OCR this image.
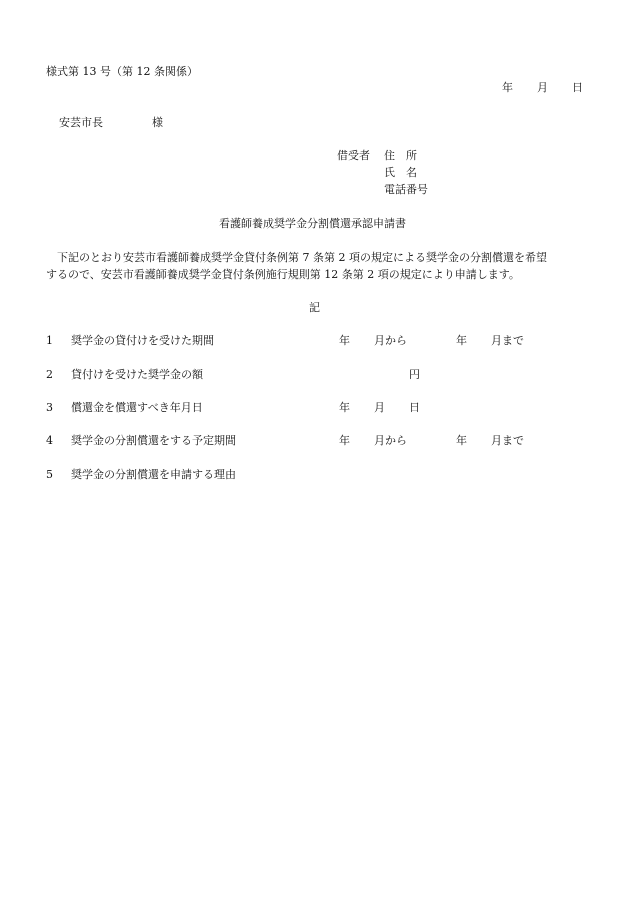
様式第 13 号（第 12 条関係）
年 月 日
安芸市長	様
借受者 住　所
氏　名
電話番号
看護師養成奨学金分割償還承認申請書
　下記のとおり安芸市看護師養成奨学金貸付条例第 7 条第 2 項の規定による奨学金の分割償還を希望
するので、安芸市看護師養成奨学金貸付条例施行規則第 12 条第 2 項の規定により申請します。
記
1 奨学金の貸付けを受けた期間	年 月から	年 月まで
2 貸付けを受けた奨学金の額	円
3 償還金を償還すべき年月日	年 月 日
4 奨学金の分割償還をする予定期間	年 月から	年 月まで
5 奨学金の分割償還を申請する理由
